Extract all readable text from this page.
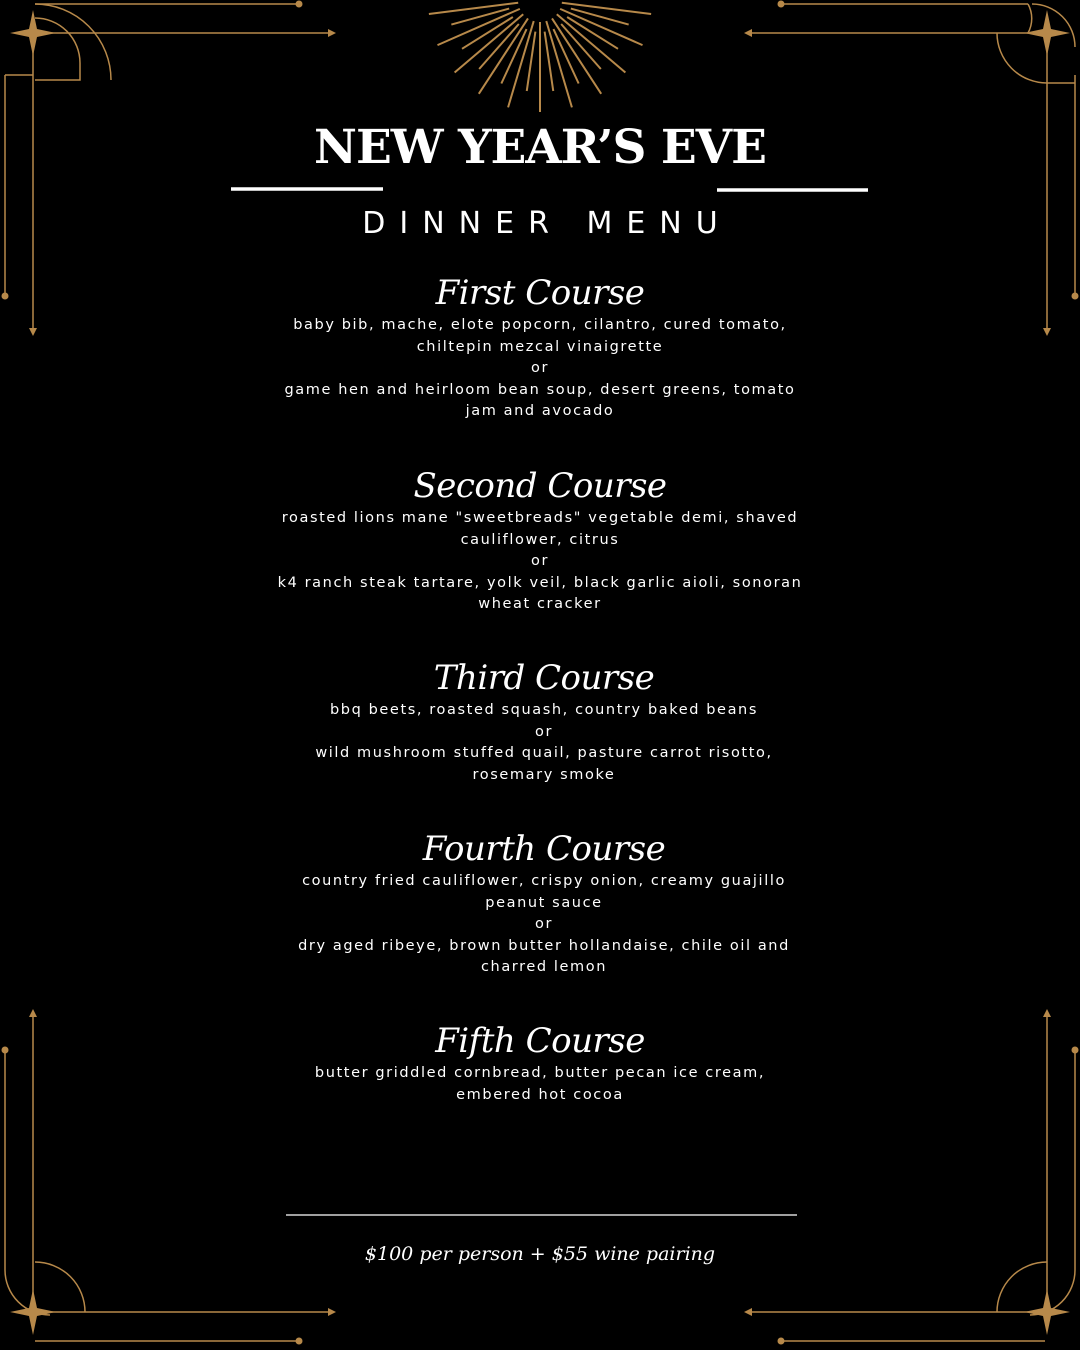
NEW YEAR’S EVE
DINNER MENU
First Course
baby bib, mache, elote popcorn, cilantro, cured tomato,
chiltepin mezcal vinaigrette
or
game hen and heirloom bean soup, desert greens, tomato
jam and avocado
Second Course
roasted lions mane "sweetbreads" vegetable demi, shaved
cauliflower, citrus
or
k4 ranch steak tartare, yolk veil, black garlic aioli, sonoran
wheat cracker
Third Course
bbq beets, roasted squash, country baked beans
or
wild mushroom stuffed quail, pasture carrot risotto,
rosemary smoke
Fourth Course
country fried cauliflower, crispy onion, creamy guajillo
peanut sauce
or
dry aged ribeye, brown butter hollandaise, chile oil and
charred lemon
Fifth Course
butter griddled cornbread, butter pecan ice cream,
embered hot cocoa
$100 per person + $55 wine pairing
